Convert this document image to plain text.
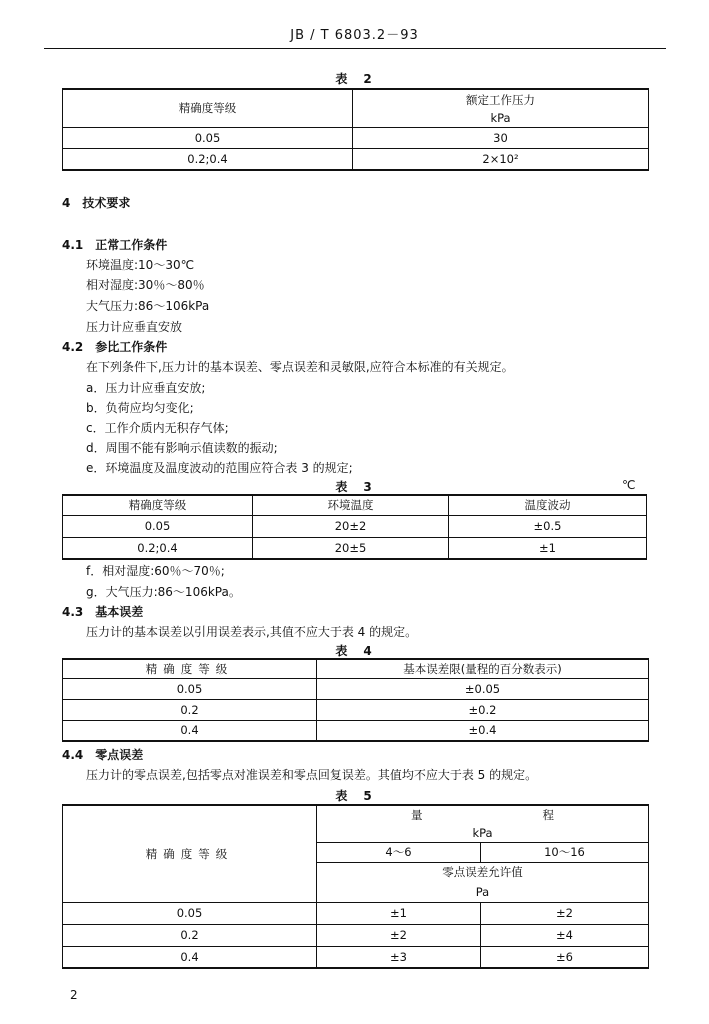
JB / T 6803.2－93
表　2
精确度等级	额定工作压力
	kPa
0.05	30
0.2;0.4	2×10²
4　技术要求
4.1　正常工作条件
环境温度:10～30℃
相对湿度:30％～80％
大气压力:86～106kPa
压力计应垂直安放
4.2　参比工作条件
在下列条件下,压力计的基本误差、零点误差和灵敏限,应符合本标准的有关规定。
a．压力计应垂直安放;
b．负荷应均匀变化;
c．工作介质内无积存气体;
d．周围不能有影响示值读数的振动;
e．环境温度及温度波动的范围应符合表 3 的规定;
表　3	℃
精确度等级	环境温度	温度波动
0.05	20±2	±0.5
0.2;0.4	20±5	±1
f．相对湿度:60％～70％;
g．大气压力:86～106kPa。
4.3　基本误差
压力计的基本误差以引用误差表示,其值不应大于表 4 的规定。
表　4
精确度等级	基本误差限(量程的百分数表示)
0.05	±0.05
0.2	±0.2
0.4	±0.4
4.4　零点误差
压力计的零点误差,包括零点对准误差和零点回复误差。其值均不应大于表 5 的规定。
表　5
精确度等级	量 程	
	kPa	
	4～6	10～16
	零点误差允许值	
	Pa	
0.05	±1	±2
0.2	±2	±4
0.4	±3	±6
2
